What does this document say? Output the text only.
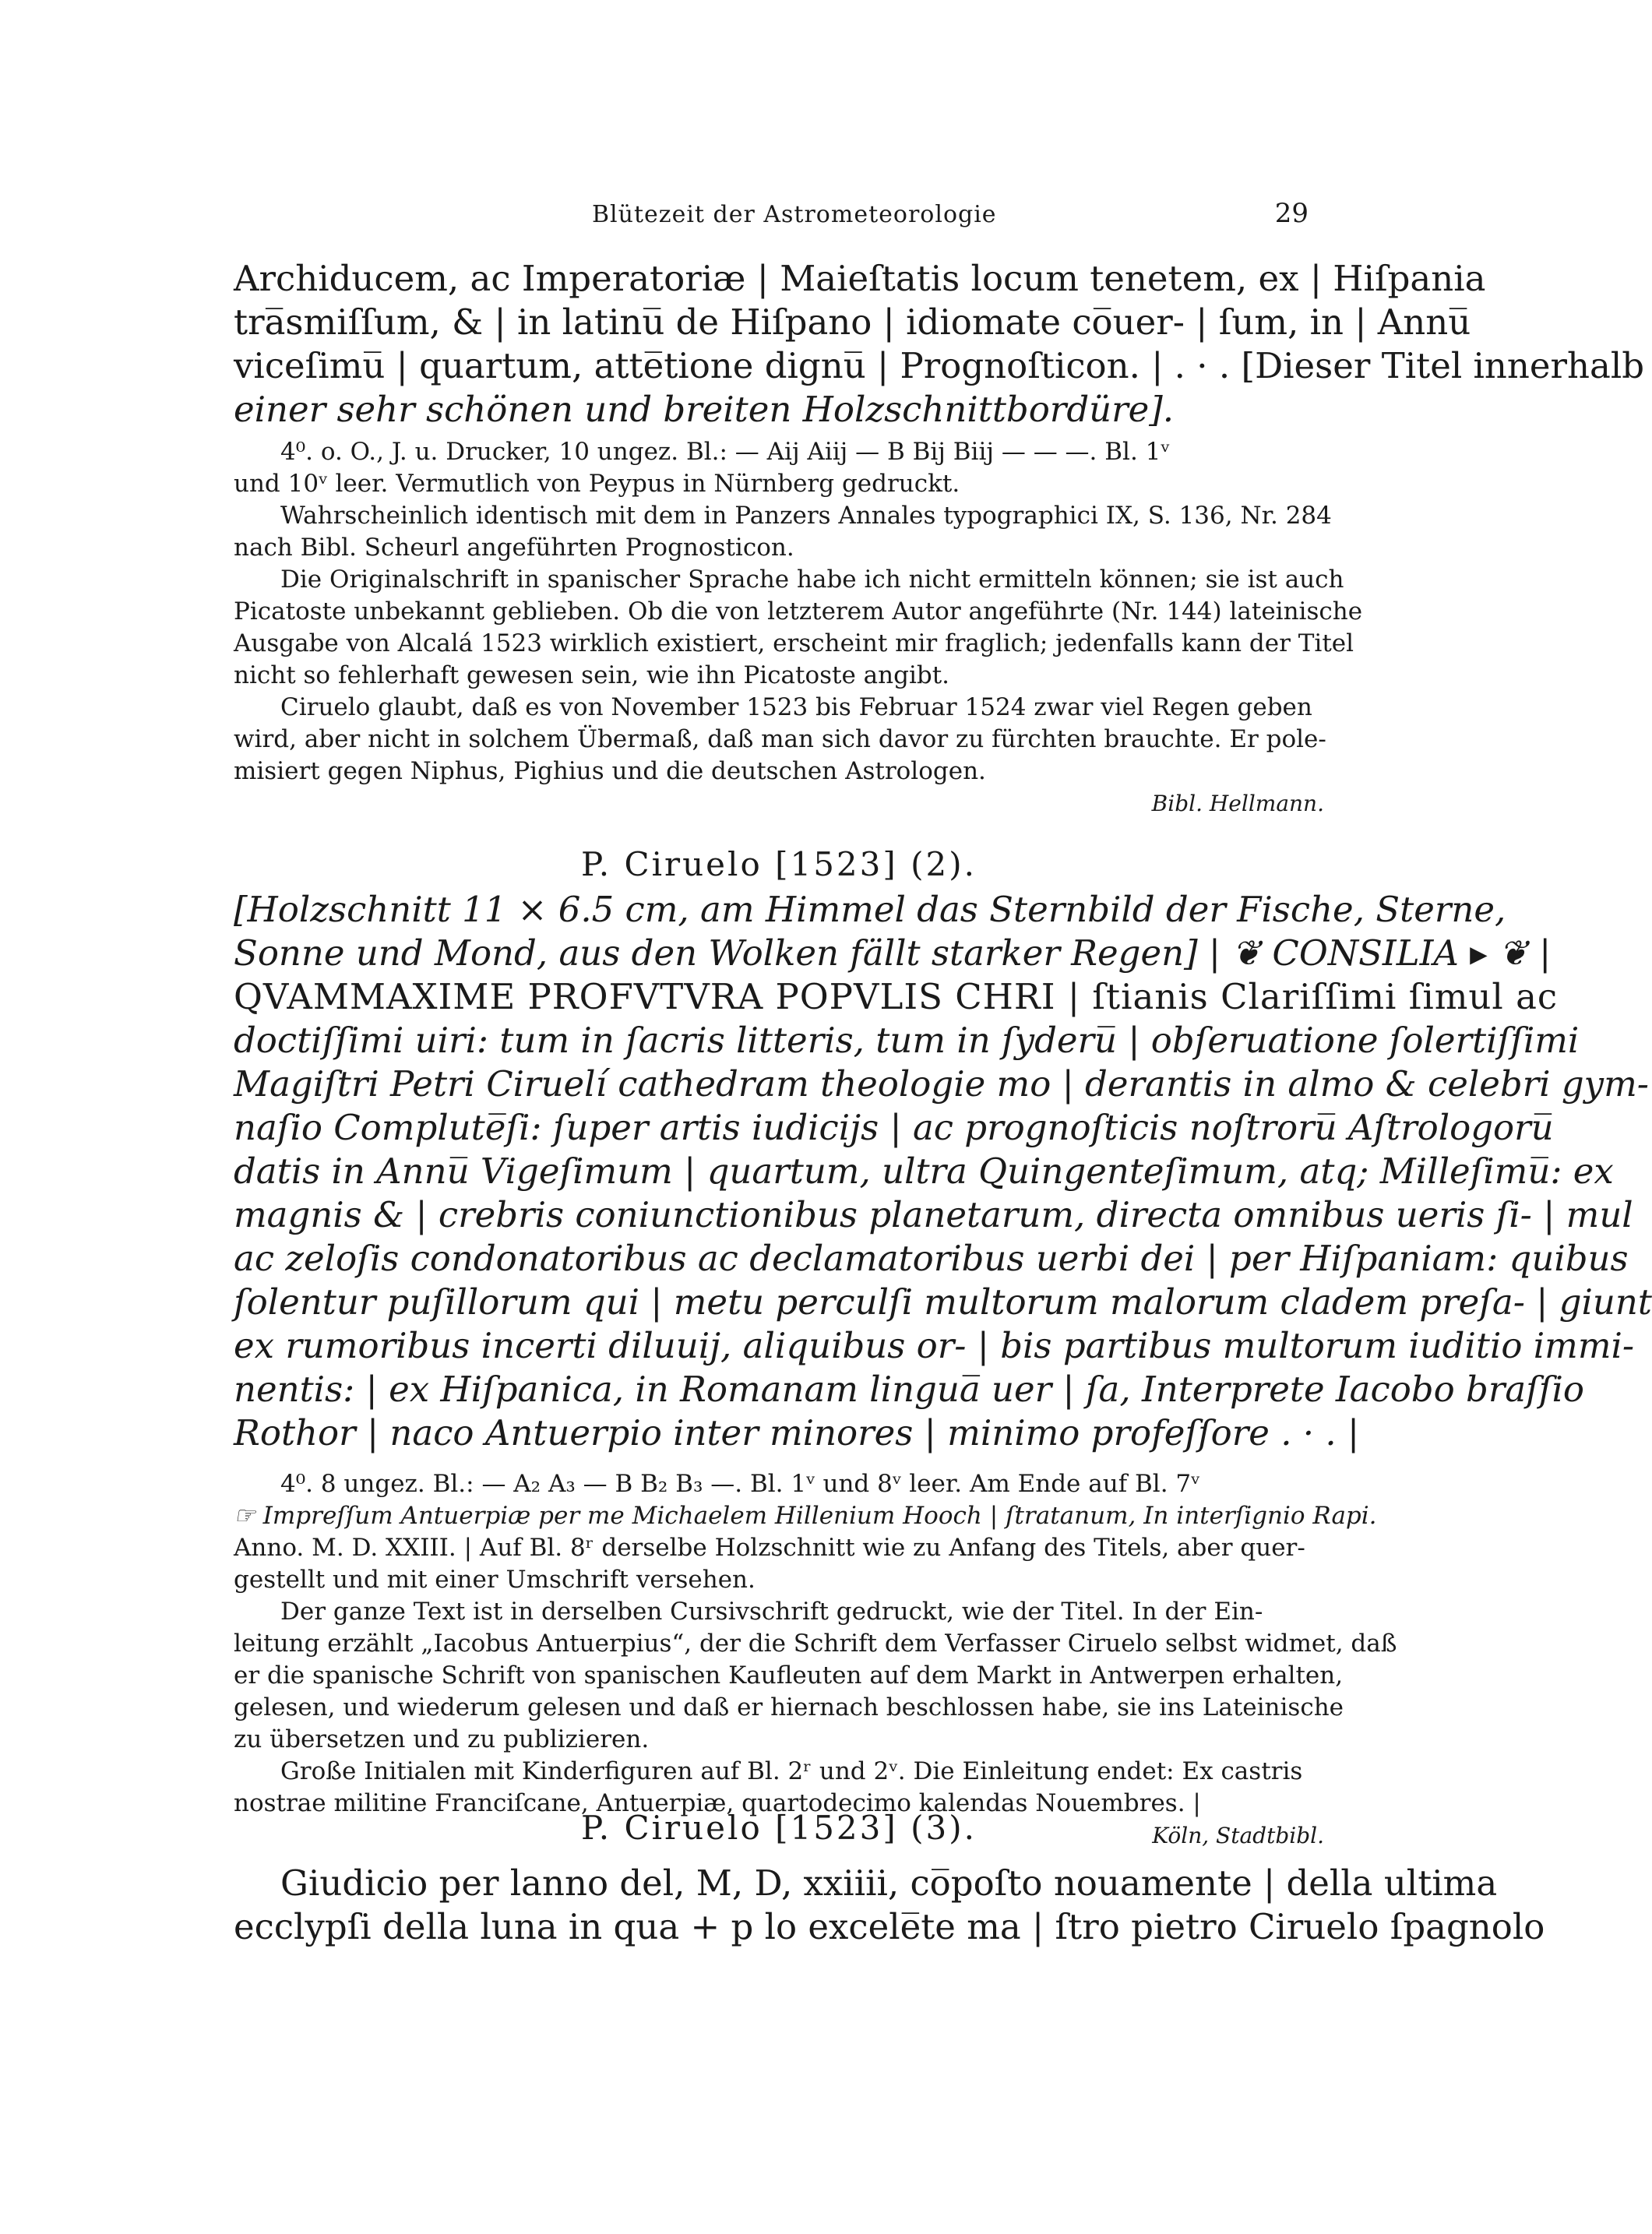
Blütezeit der Astrometeorologie	29
Archiducem, ac Imperatoriæ | Maieſtatis locum tenetem, ex | Hiſpania
tra̅smiſſum, & | in latinu̅ de Hiſpano | idiomate co̅uer- | ſum, in | Annu̅
viceſimu̅ | quartum, atte̅tione dignu̅ | Prognoſticon. | . · . [Dieser Titel innerhalb
einer sehr schönen und breiten Holzschnittbordüre].
4⁰. o. O., J. u. Drucker, 10 ungez. Bl.: — Aij Aiij — B Bij Biij — — —. Bl. 1ᵛ
und 10ᵛ leer. Vermutlich von Peypus in Nürnberg gedruckt.
Wahrscheinlich identisch mit dem in Panzers Annales typographici IX, S. 136, Nr. 284
nach Bibl. Scheurl angeführten Prognosticon.
Die Originalschrift in spanischer Sprache habe ich nicht ermitteln können; sie ist auch
Picatoste unbekannt geblieben. Ob die von letzterem Autor angeführte (Nr. 144) lateinische
Ausgabe von Alcalá 1523 wirklich existiert, erscheint mir fraglich; jedenfalls kann der Titel
nicht so fehlerhaft gewesen sein, wie ihn Picatoste angibt.
Ciruelo glaubt, daß es von November 1523 bis Februar 1524 zwar viel Regen geben
wird, aber nicht in solchem Übermaß, daß man sich davor zu fürchten brauchte. Er pole-
misiert gegen Niphus, Pighius und die deutschen Astrologen.
Bibl. Hellmann.
P. Ciruelo [1523] (2).
[Holzschnitt 11 × 6.5 cm, am Himmel das Sternbild der Fische, Sterne,
Sonne und Mond, aus den Wolken fällt starker Regen] | ❦ CONSILIA ▸ ❦ |
QVAMMAXIME PROFVTVRA POPVLIS CHRI | ſtianis Clariſſimi ſimul ac
doctiſſimi uiri: tum in ſacris litteris, tum in ſyderu̅ | obſeruatione ſolertiſſimi
Magiſtri Petri Ciruelí cathedram theologie mo | derantis in almo & celebri gym-
naſio Complute̅ſi: ſuper artis iudicijs | ac prognoſticis noſtroru̅ Aſtrologoru̅
datis in Annu̅ Vigeſimum | quartum, ultra Quingenteſimum, atq; Milleſimu̅: ex
magnis & | crebris coniunctionibus planetarum, directa omnibus ueris ſi- | mul
ac zeloſis condonatoribus ac declamatoribus uerbi dei | per Hiſpaniam: quibus
ſolentur puſillorum qui | metu perculſi multorum malorum cladem preſa- | giunt
ex rumoribus incerti diluuij, aliquibus or- | bis partibus multorum iuditio immi-
nentis: | ex Hiſpanica, in Romanam lingua̅ uer | ſa, Interprete Iacobo braſſio
Rothor | naco Antuerpio inter minores | minimo profeſſore . · . |
4⁰. 8 ungez. Bl.: — A₂ A₃ — B B₂ B₃ —. Bl. 1ᵛ und 8ᵛ leer. Am Ende auf Bl. 7ᵛ
☞ Impreſſum Antuerpiæ per me Michaelem Hillenium Hooch | ſtratanum, In interſignio Rapi.
Anno. M. D. XXIII. | Auf Bl. 8ʳ derselbe Holzschnitt wie zu Anfang des Titels, aber quer-
gestellt und mit einer Umschrift versehen.
Der ganze Text ist in derselben Cursivschrift gedruckt, wie der Titel. In der Ein-
leitung erzählt „Iacobus Antuerpius“, der die Schrift dem Verfasser Ciruelo selbst widmet, daß
er die spanische Schrift von spanischen Kaufleuten auf dem Markt in Antwerpen erhalten,
gelesen, und wiederum gelesen und daß er hiernach beschlossen habe, sie ins Lateinische
zu übersetzen und zu publizieren.
Große Initialen mit Kinderfiguren auf Bl. 2ʳ und 2ᵛ. Die Einleitung endet: Ex castris
nostrae militine Franciſcane, Antuerpiæ, quartodecimo kalendas Nouembres. |
Köln, Stadtbibl.
P. Ciruelo [1523] (3).
Giudicio per lanno del, M, D, xxiiii, co̅poſto nouamente | della ultima
ecclypſi della luna in qua + p lo excele̅te ma | ſtro pietro Ciruelo ſpagnolo
